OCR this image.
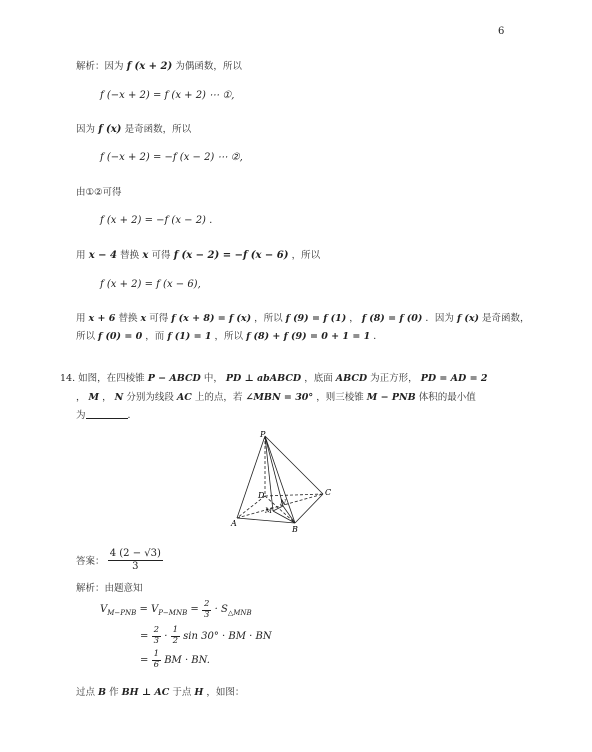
6
解析：因为 f (x + 2) 为偶函数，所以
f (−x + 2) = f (x + 2) ⋯ ①,
因为 f (x) 是奇函数，所以
f (−x + 2) = −f (x − 2) ⋯ ②,
由①②可得
f (x + 2) = −f (x − 2) .
用 x − 4 替换 x 可得 f (x − 2) = −f (x − 6) ，所以
f (x + 2) = f (x − 6),
用 x + 6 替换 x 可得 f (x + 8) = f (x) ，所以 f (9) = f (1) ， f (8) = f (0) ．因为 f (x) 是奇函数，
所以 f (0) = 0 ，而 f (1) = 1 ，所以 f (8) + f (9) = 0 + 1 = 1 ．
14. 如图，在四棱锥 P − ABCD 中， PD ⊥ abABCD ，底面 ABCD 为正方形， PD = AD = 2
， M ， N 分别为线段 AC 上的点，若 ∠MBN = 30° ，则三棱锥 M − PNB 体积的最小值
为	．
P
D	C
M
N
A
B
答案： $\frac{4 (2 - √3)}{3}$
解析：由题意知
$V_{M-PNB} = V_{P-MNB} = \frac{2}{3} \cdot S_{\triangle MNB}$
= $\frac{2}{3} \cdot \frac{1}{2}$ sin 30° · BM · BN
= $\frac{1}{6}$ BM · BN.
过点 B 作 BH ⊥ AC 于点 H ，如图：
